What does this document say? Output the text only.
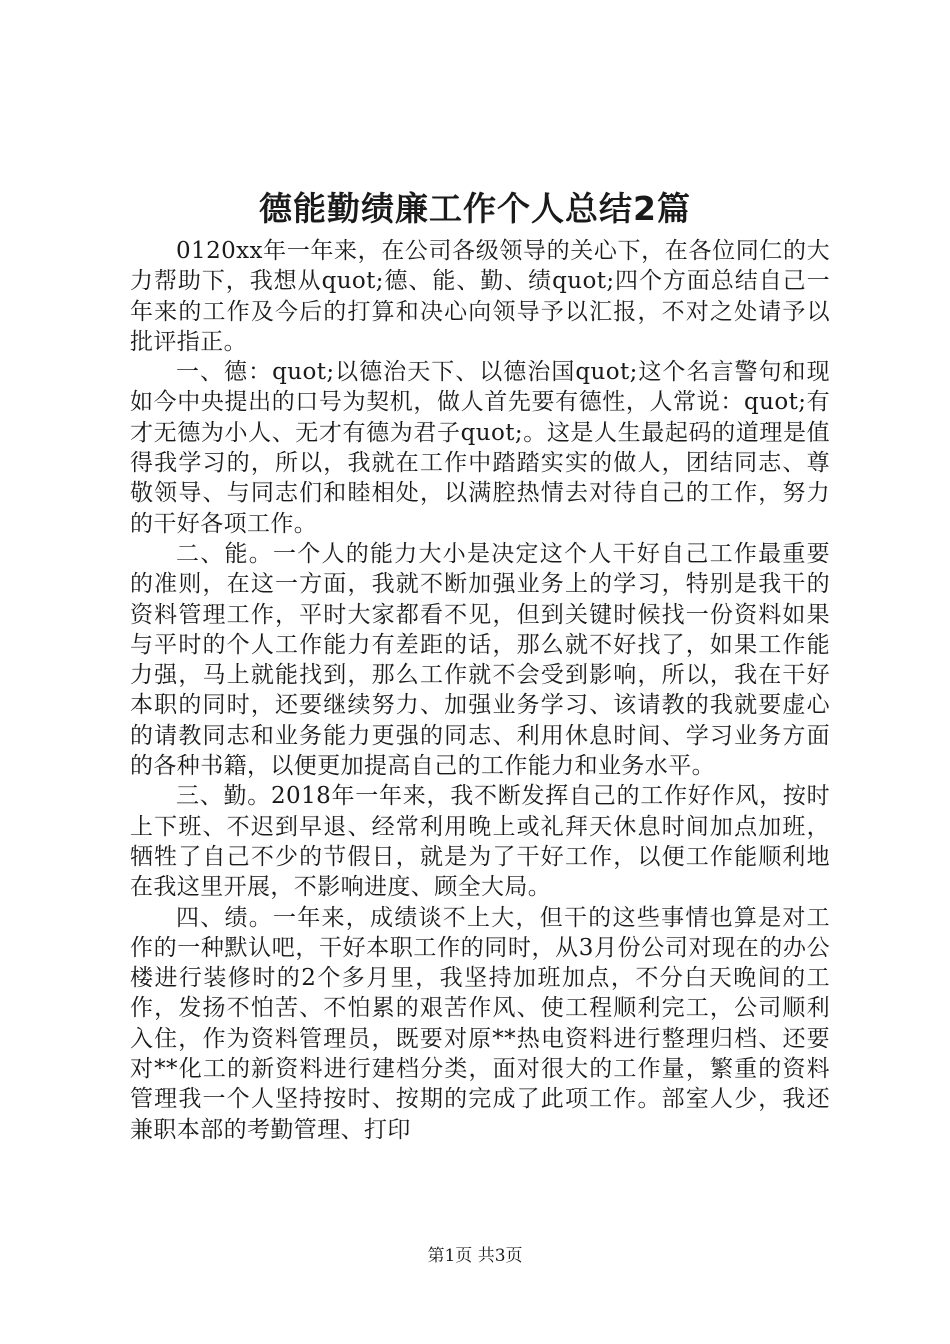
德能勤绩廉工作个人总结2篇

0120xx年一年来，在公司各级领导的关心下，在各位同仁的大力帮助下，我想从quot;德、能、勤、绩quot;四个方面总结自己一年来的工作及今后的打算和决心向领导予以汇报，不对之处请予以批评指正。

一、德：quot;以德治天下、以德治国quot;这个名言警句和现如今中央提出的口号为契机，做人首先要有德性，人常说：quot;有才无德为小人、无才有德为君子quot;。这是人生最起码的道理是值得我学习的，所以，我就在工作中踏踏实实的做人，团结同志、尊敬领导、与同志们和睦相处，以满腔热情去对待自己的工作，努力的干好各项工作。

二、能。一个人的能力大小是决定这个人干好自己工作最重要的准则，在这一方面，我就不断加强业务上的学习，特别是我干的资料管理工作，平时大家都看不见，但到关键时候找一份资料如果与平时的个人工作能力有差距的话，那么就不好找了，如果工作能力强，马上就能找到，那么工作就不会受到影响，所以，我在干好本职的同时，还要继续努力、加强业务学习、该请教的我就要虚心的请教同志和业务能力更强的同志、利用休息时间、学习业务方面的各种书籍，以便更加提高自己的工作能力和业务水平。

三、勤。2018年一年来，我不断发挥自己的工作好作风，按时上下班、不迟到早退、经常利用晚上或礼拜天休息时间加点加班，牺牲了自己不少的节假日，就是为了干好工作，以便工作能顺利地在我这里开展，不影响进度、顾全大局。

四、绩。一年来，成绩谈不上大，但干的这些事情也算是对工作的一种默认吧，干好本职工作的同时，从3月份公司对现在的办公楼进行装修时的2个多月里，我坚持加班加点，不分白天晚间的工作，发扬不怕苦、不怕累的艰苦作风、使工程顺利完工，公司顺利入住，作为资料管理员，既要对原**热电资料进行整理归档、还要对**化工的新资料进行建档分类，面对很大的工作量，繁重的资料管理我一个人坚持按时、按期的完成了此项工作。部室人少，我还兼职本部的考勤管理、打印

第1页 共3页
